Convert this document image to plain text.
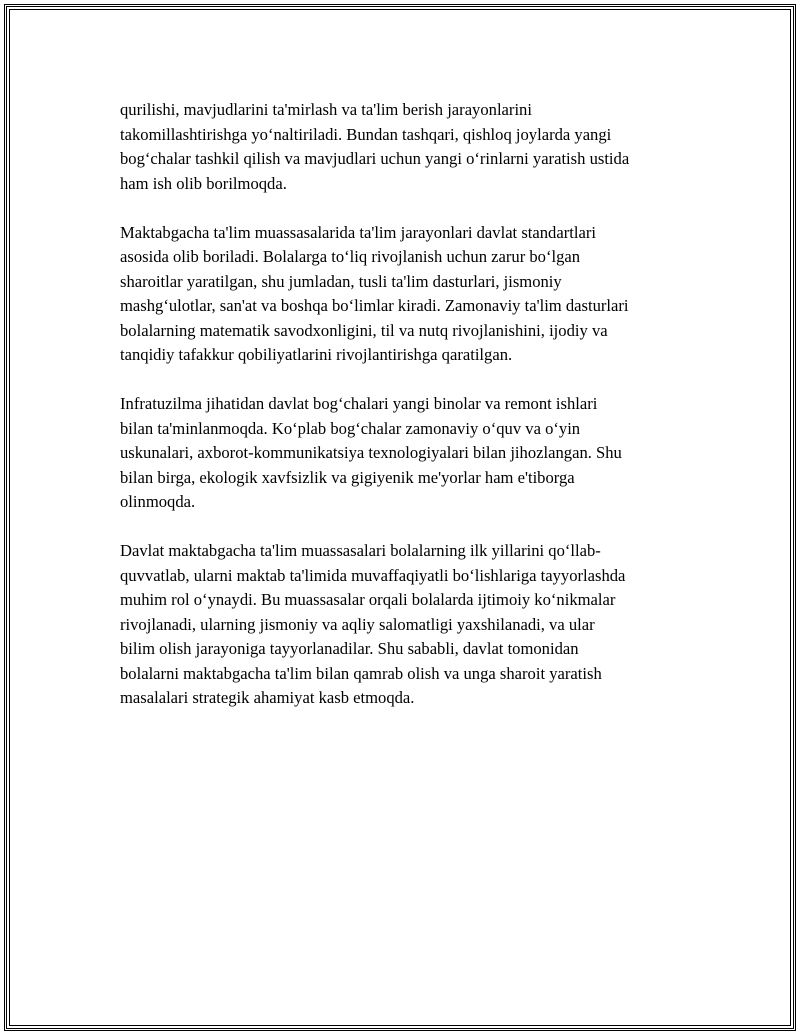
qurilishi, mavjudlarini ta'mirlash va ta'lim berish jarayonlarini
takomillashtirishga yo‘naltiriladi. Bundan tashqari, qishloq joylarda yangi
bog‘chalar tashkil qilish va mavjudlari uchun yangi o‘rinlarni yaratish ustida
ham ish olib borilmoqda.

Maktabgacha ta'lim muassasalarida ta'lim jarayonlari davlat standartlari
asosida olib boriladi. Bolalarga to‘liq rivojlanish uchun zarur bo‘lgan
sharoitlar yaratilgan, shu jumladan, tusli ta'lim dasturlari, jismoniy
mashg‘ulotlar, san'at va boshqa bo‘limlar kiradi. Zamonaviy ta'lim dasturlari
bolalarning matematik savodxonligini, til va nutq rivojlanishini, ijodiy va
tanqidiy tafakkur qobiliyatlarini rivojlantirishga qaratilgan.

Infratuzilma jihatidan davlat bog‘chalari yangi binolar va remont ishlari
bilan ta'minlanmoqda. Ko‘plab bog‘chalar zamonaviy o‘quv va o‘yin
uskunalari, axborot-kommunikatsiya texnologiyalari bilan jihozlangan. Shu
bilan birga, ekologik xavfsizlik va gigiyenik me'yorlar ham e'tiborga
olinmoqda.

Davlat maktabgacha ta'lim muassasalari bolalarning ilk yillarini qo‘llab-
quvvatlab, ularni maktab ta'limida muvaffaqiyatli bo‘lishlariga tayyorlashda
muhim rol o‘ynaydi. Bu muassasalar orqali bolalarda ijtimoiy ko‘nikmalar
rivojlanadi, ularning jismoniy va aqliy salomatligi yaxshilanadi, va ular
bilim olish jarayoniga tayyorlanadilar. Shu sababli, davlat tomonidan
bolalarni maktabgacha ta'lim bilan qamrab olish va unga sharoit yaratish
masalalari strategik ahamiyat kasb etmoqda.
